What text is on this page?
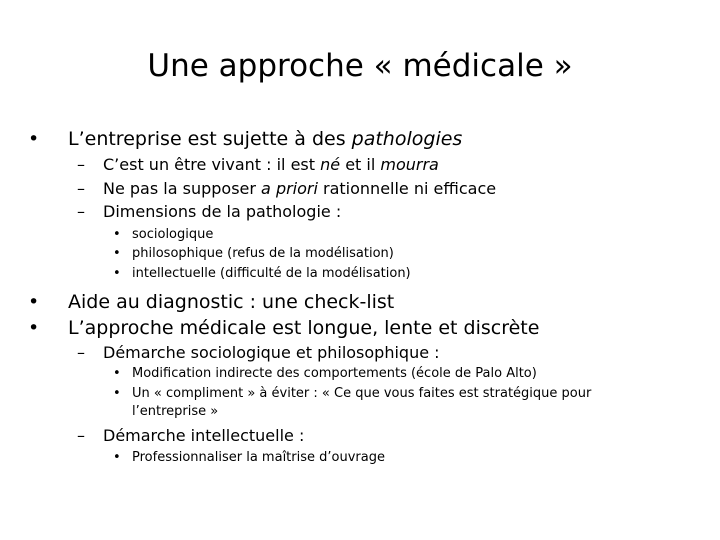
Une approche « médicale »
• L’entreprise est sujette à des pathologies
– C’est un être vivant : il est né et il mourra
– Ne pas la supposer a priori rationnelle ni efficace
– Dimensions de la pathologie :
• sociologique
• philosophique (refus de la modélisation)
• intellectuelle (difficulté de la modélisation)
• Aide au diagnostic : une check-list
• L’approche médicale est longue, lente et discrète
– Démarche sociologique et philosophique :
• Modification indirecte des comportements (école de Palo Alto)
• Un « compliment » à éviter : « Ce que vous faites est stratégique pour
l’entreprise »
– Démarche intellectuelle :
• Professionnaliser la maîtrise d’ouvrage
